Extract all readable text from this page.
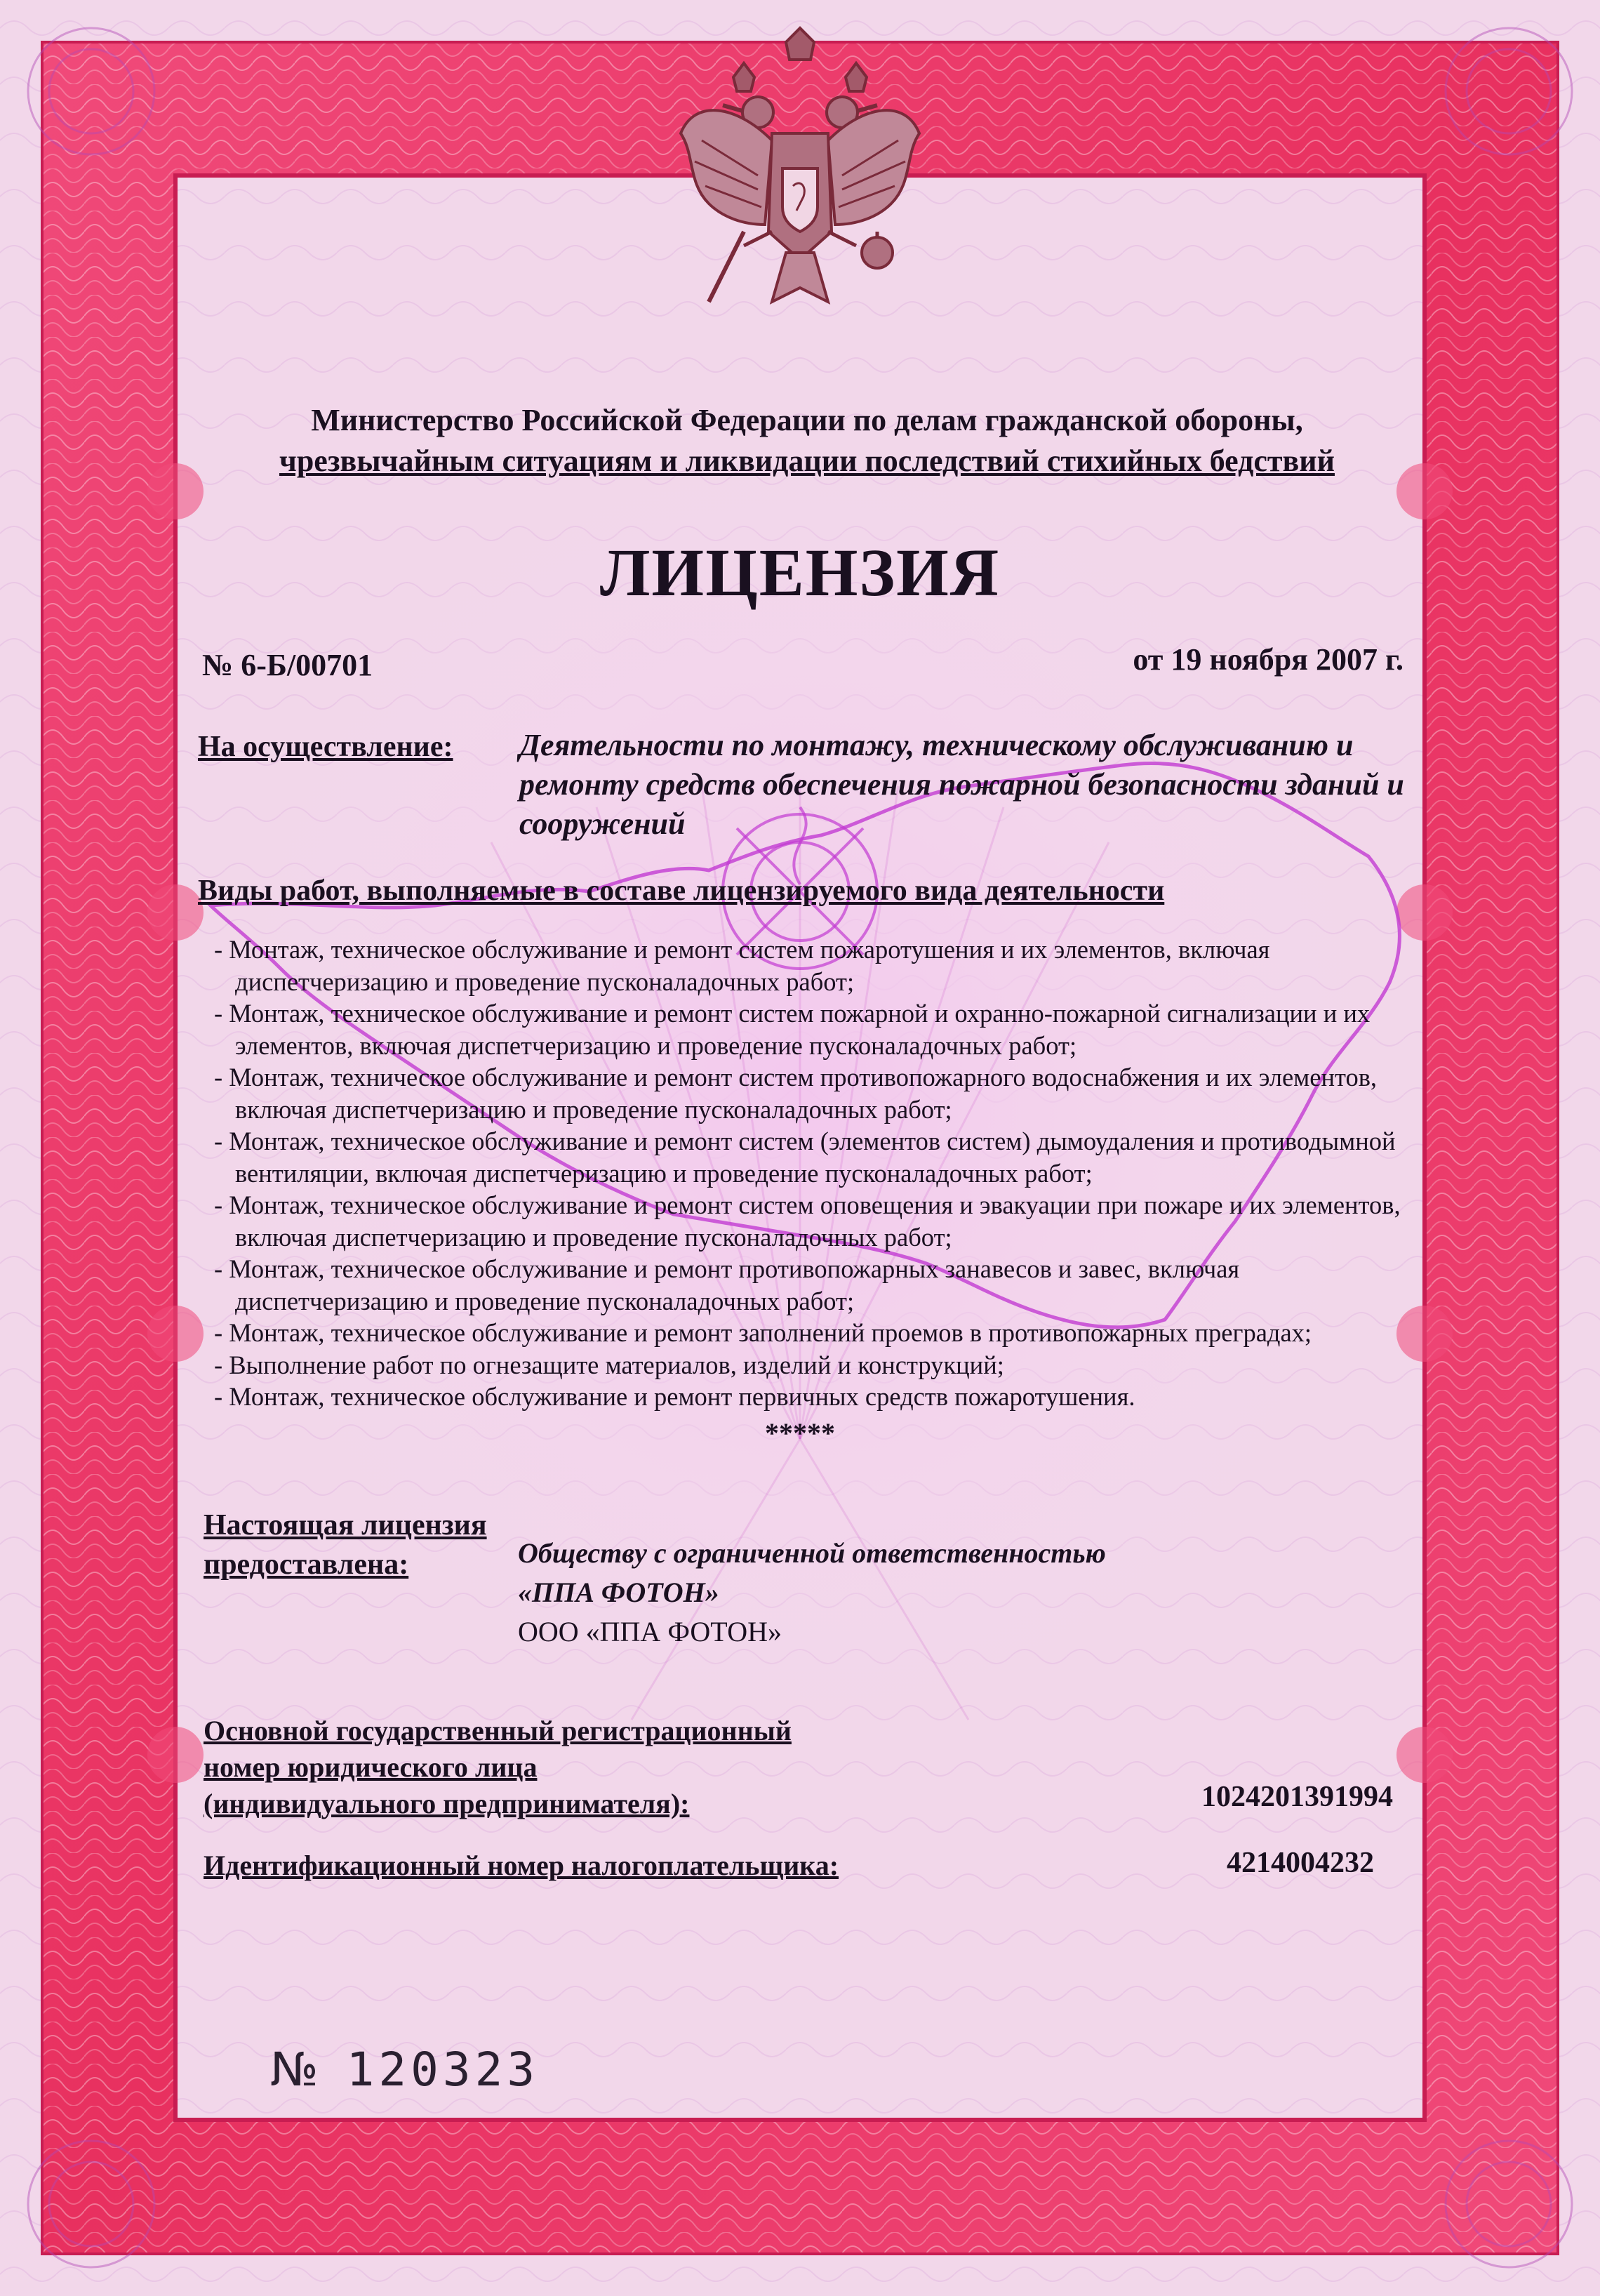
Министерство Российской Федерации по делам гражданской обороны,
чрезвычайным ситуациям и ликвидации последствий стихийных бедствий
ЛИЦЕНЗИЯ
№ 6-Б/00701	от 19 ноября 2007 г.
На осуществление: Деятельности по монтажу, техническому обслуживанию и ремонту средств обеспечения пожарной безопасности зданий и сооружений
Виды работ, выполняемые в составе лицензируемого вида деятельности
- Монтаж, техническое обслуживание и ремонт систем пожаротушения и их элементов, включая диспетчеризацию и проведение пусконаладочных работ;
- Монтаж, техническое обслуживание и ремонт систем пожарной и охранно-пожарной сигнализации и их элементов, включая диспетчеризацию и проведение пусконаладочных работ;
- Монтаж, техническое обслуживание и ремонт систем противопожарного водоснабжения и их элементов, включая диспетчеризацию и проведение пусконаладочных работ;
- Монтаж, техническое обслуживание и ремонт систем (элементов систем) дымоудаления и противодымной вентиляции, включая диспетчеризацию и проведение пусконаладочных работ;
- Монтаж, техническое обслуживание и ремонт систем оповещения и эвакуации при пожаре и их элементов, включая диспетчеризацию и проведение пусконаладочных работ;
- Монтаж, техническое обслуживание и ремонт противопожарных занавесов и завес, включая диспетчеризацию и проведение пусконаладочных работ;
- Монтаж, техническое обслуживание и ремонт заполнений проемов в противопожарных преградах;
- Выполнение работ по огнезащите материалов, изделий и конструкций;
- Монтаж, техническое обслуживание и ремонт первичных средств пожаротушения.
*****
Настоящая лицензия
предоставлена:	Обществу с ограниченной ответственностью
«ППА ФОТОН»
ООО «ППА ФОТОН»
Основной государственный регистрационный
номер юридического лица
(индивидуального предпринимателя):	1024201391994
Идентификационный номер налогоплательщика:	4214004232
№ 120323
